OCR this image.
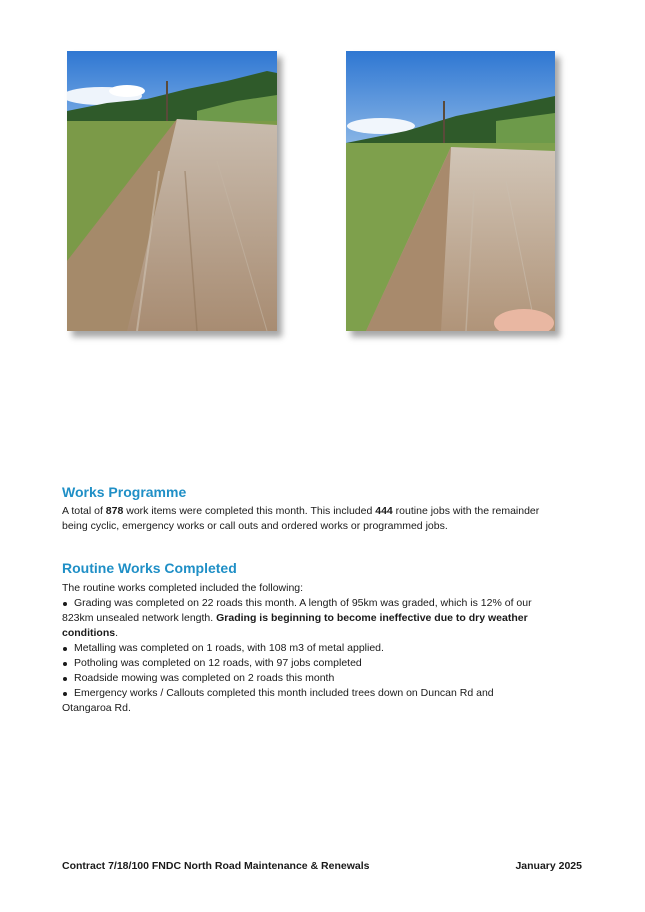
Works Programme

A total of 878 work items were completed this month. This included 444 routine jobs with the remainder being cyclic, emergency works or call outs and ordered works or programmed jobs.

Routine Works Completed

The routine works completed included the following:

Grading was completed on 22 roads this month. A length of 95km was graded, which is 12% of our 823km unsealed network length. Grading is beginning to become ineffective due to dry weather conditions.
Metalling was completed on 1 roads, with 108 m3 of metal applied.
Potholing was completed on 12 roads, with 97 jobs completed
Roadside mowing was completed on 2 roads this month
Emergency works / Callouts completed this month included trees down on Duncan Rd and Otangaroa Rd.
Contract 7/18/100 FNDC North Road Maintenance & Renewals	January 2025
